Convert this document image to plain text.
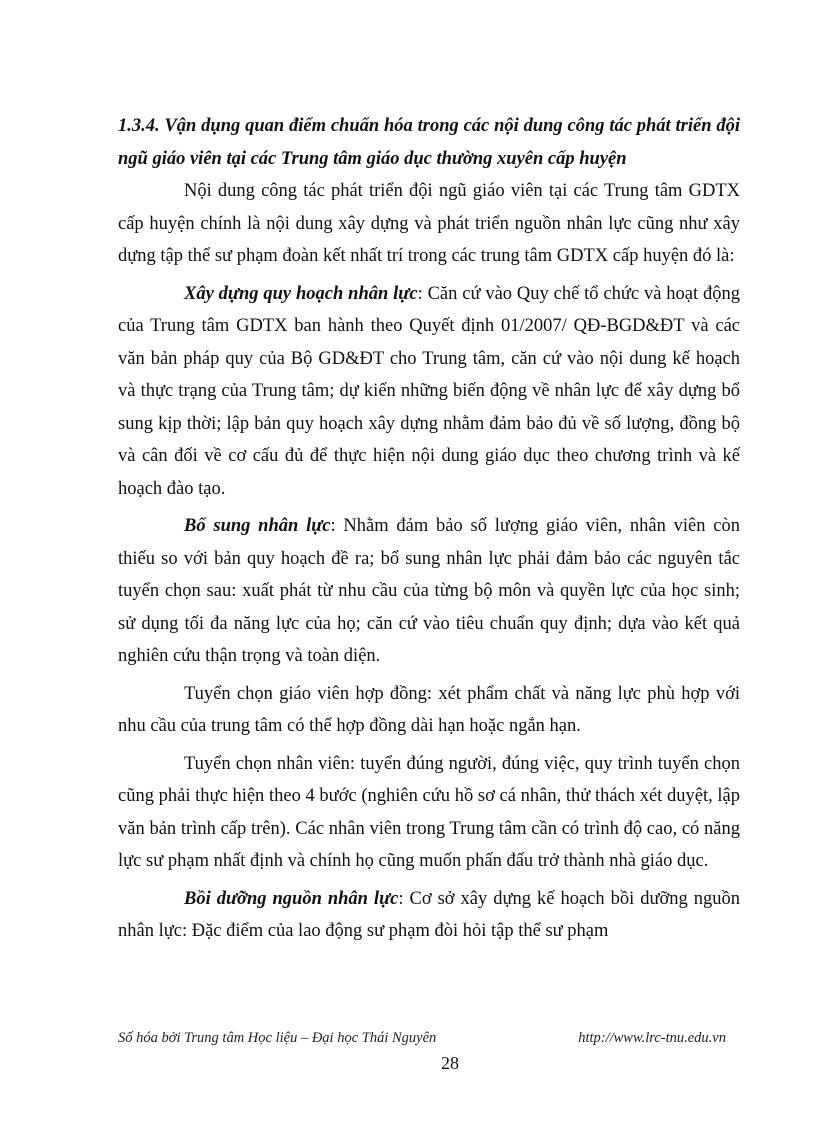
1.3.4. Vận dụng quan điểm chuẩn hóa trong các nội dung công tác phát triển đội ngũ giáo viên tại các Trung tâm giáo dục thường xuyên cấp huyện

Nội dung công tác phát triển đội ngũ giáo viên tại các Trung tâm GDTX cấp huyện chính là nội dung xây dựng và phát triển nguồn nhân lực cũng như xây dựng tập thể sư phạm đoàn kết nhất trí trong các trung tâm GDTX cấp huyện đó là:

Xây dựng quy hoạch nhân lực: Căn cứ vào Quy chế tổ chức và hoạt động của Trung tâm GDTX ban hành theo Quyết định 01/2007/ QĐ-BGD&ĐT và các văn bản pháp quy của Bộ GD&ĐT cho Trung tâm, căn cứ vào nội dung kế hoạch và thực trạng của Trung tâm; dự kiến những biến động về nhân lực để xây dựng bổ sung kịp thời; lập bản quy hoạch xây dựng nhằm đảm bảo đủ về số lượng, đồng bộ và cân đối về cơ cấu đủ để thực hiện nội dung giáo dục theo chương trình và kế hoạch đào tạo.

Bổ sung nhân lực: Nhằm đảm bảo số lượng giáo viên, nhân viên còn thiếu so với bản quy hoạch đề ra; bổ sung nhân lực phải đảm bảo các nguyên tắc tuyển chọn sau: xuất phát từ nhu cầu của từng bộ môn và quyền lực của học sinh; sử dụng tối đa năng lực của họ; căn cứ vào tiêu chuẩn quy định; dựa vào kết quả nghiên cứu thận trọng và toàn diện.

Tuyển chọn giáo viên hợp đồng: xét phẩm chất và năng lực phù hợp với nhu cầu của trung tâm có thể hợp đồng dài hạn hoặc ngắn hạn.

Tuyển chọn nhân viên: tuyển đúng người, đúng việc, quy trình tuyển chọn cũng phải thực hiện theo 4 bước (nghiên cứu hồ sơ cá nhân, thử thách xét duyệt, lập văn bản trình cấp trên). Các nhân viên trong Trung tâm cần có trình độ cao, có năng lực sư phạm nhất định và chính họ cũng muốn phấn đấu trở thành nhà giáo dục.

Bồi dưỡng nguồn nhân lực: Cơ sở xây dựng kế hoạch bồi dưỡng nguồn nhân lực: Đặc điểm của lao động sư phạm đòi hỏi tập thể sư phạm

Số hóa bởi Trung tâm Học liệu – Đại học Thái Nguyên	http://www.lrc-tnu.edu.vn
28
